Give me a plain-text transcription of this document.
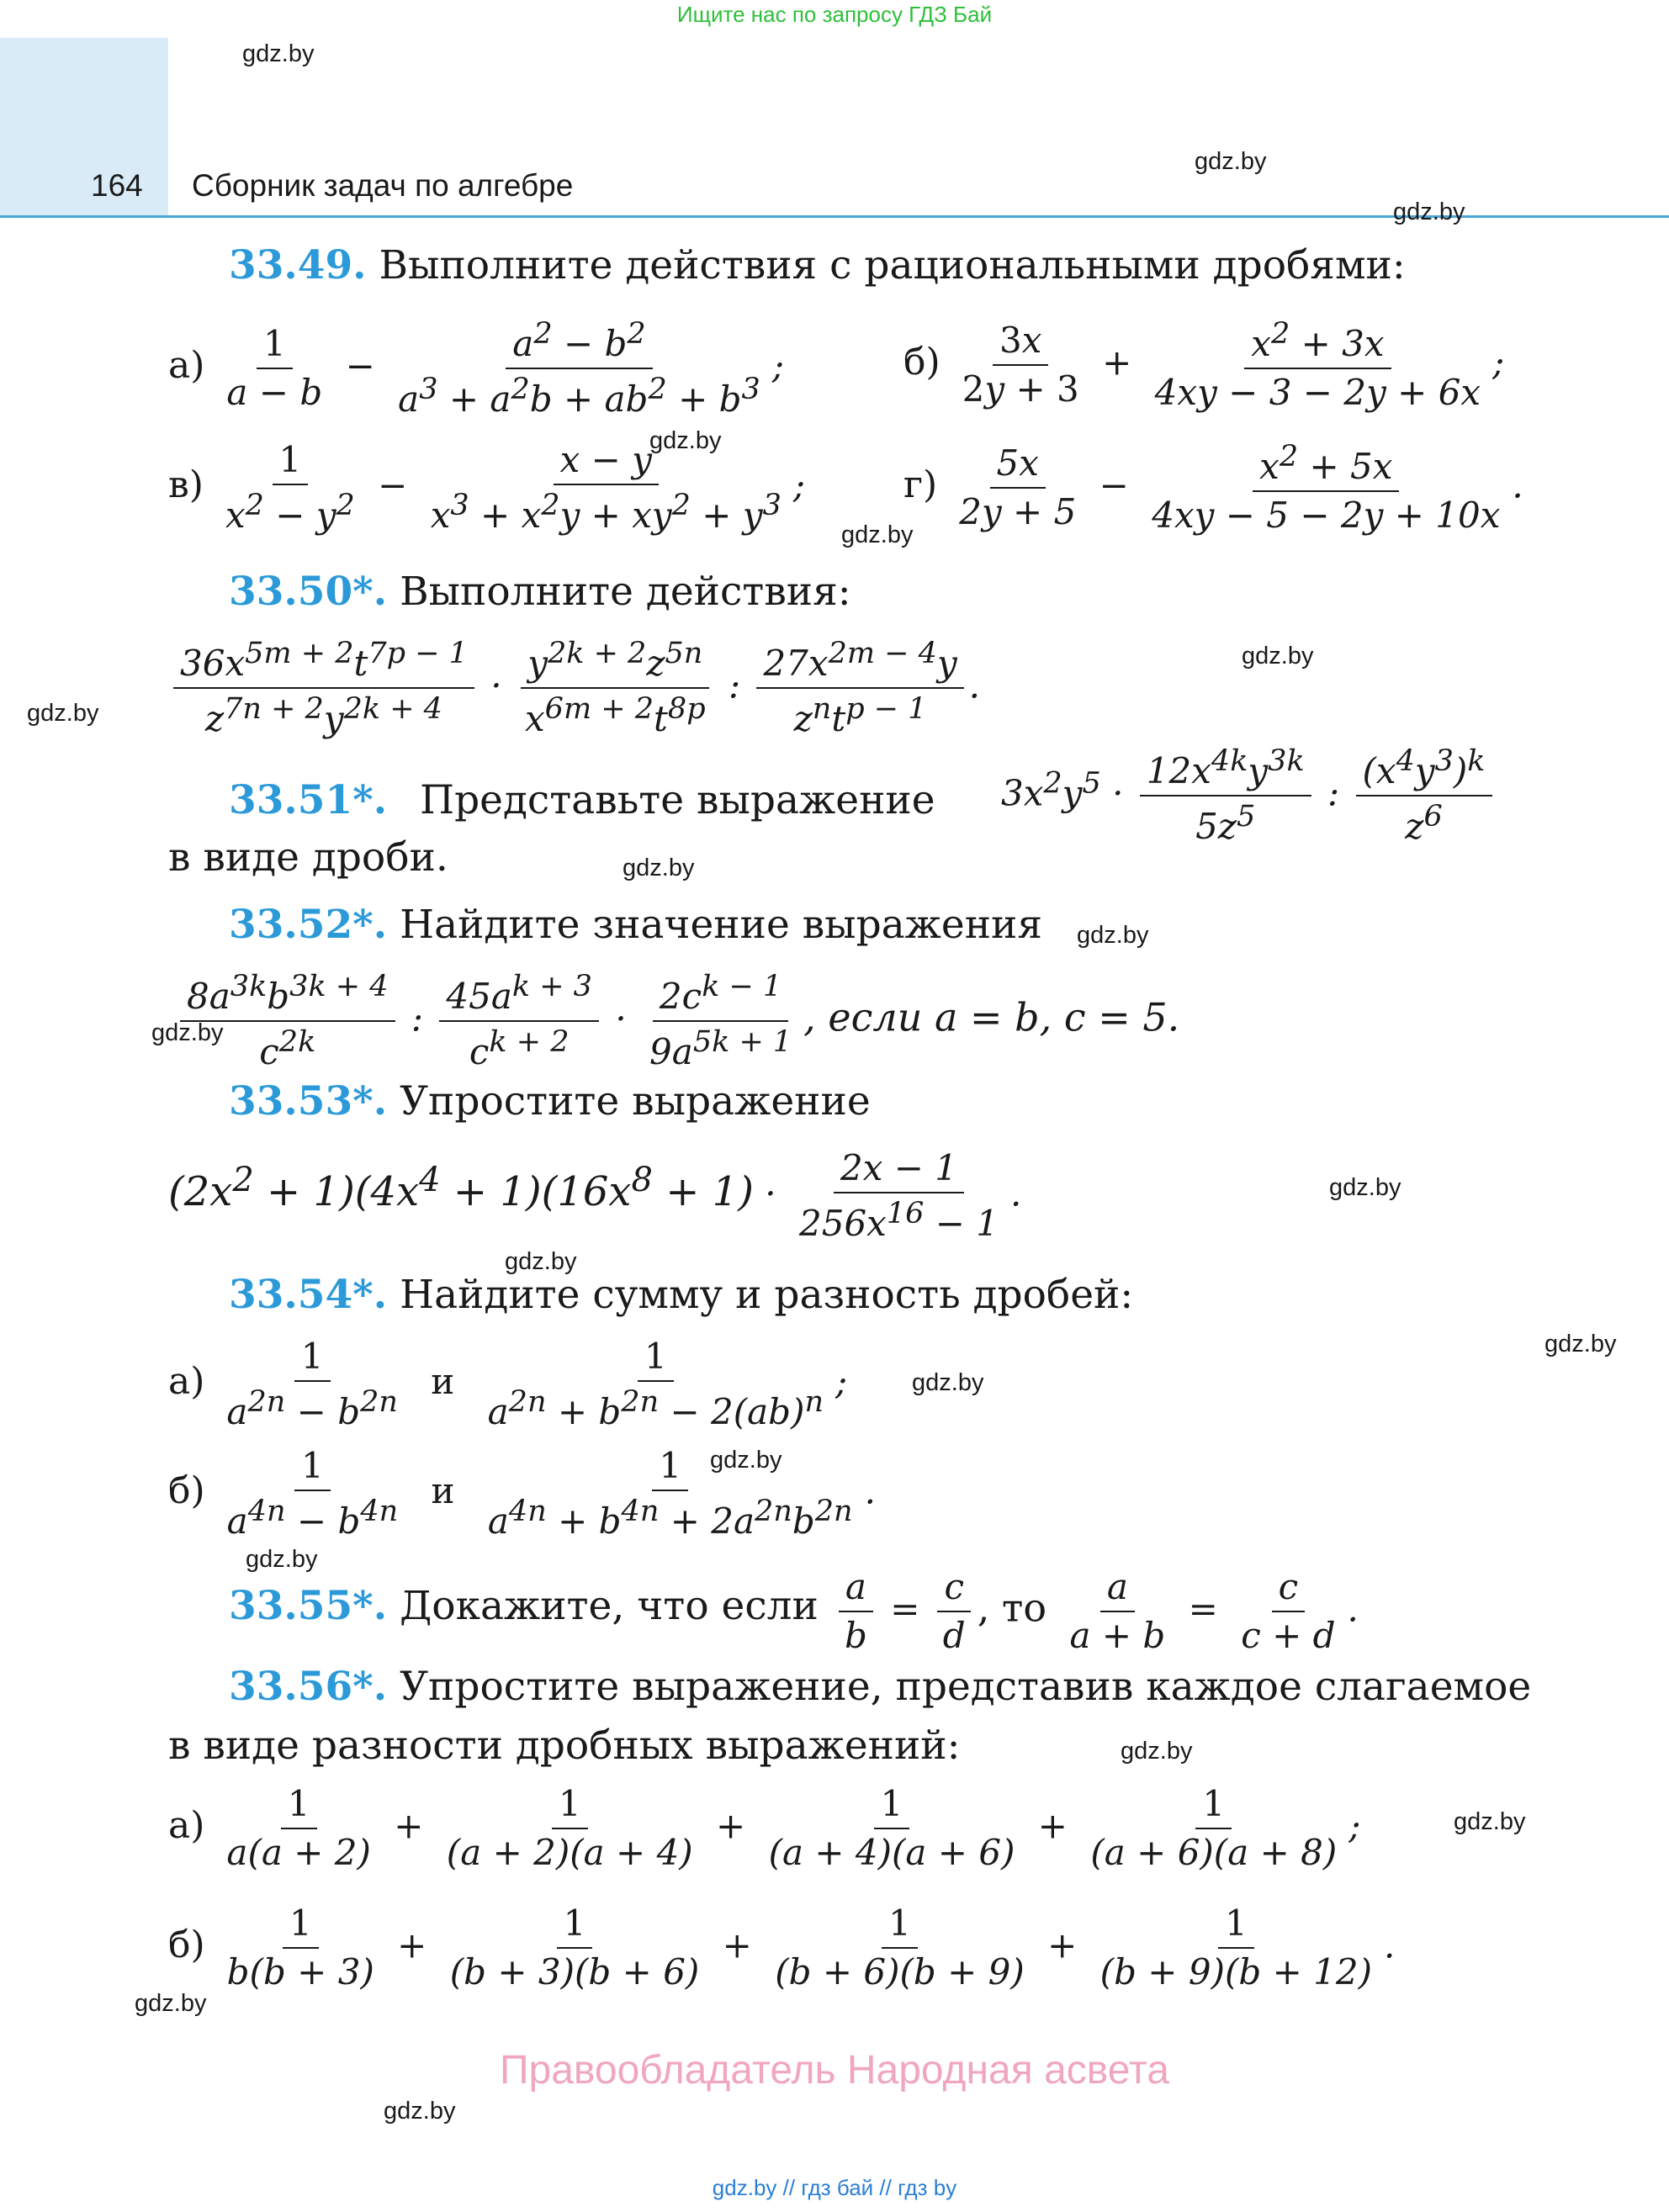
Ищите нас по запросу ГДЗ Бай
164 Сборник задач по алгебре
gdz.by
gdz.by
gdz.by
gdz.by
gdz.by
gdz.by
gdz.by
gdz.by
gdz.by
gdz.by
gdz.by
gdz.by
gdz.by
gdz.by
gdz.by
gdz.by
gdz.by
gdz.by
gdz.by
gdz.by
33.49. Выполните действия с рациональными дробями:
$а) \frac{1}{a - b} - \frac{a^2 - b^2}{a^3 + a^2b + ab^2 + b^3}$ ;	$б) \frac{3x}{2y + 3} + \frac{x^2 + 3x}{4xy - 3 - 2y + 6x}$ ;
$в) \frac{1}{x^2 - y^2} - \frac{x - y}{x^3 + x^2y + xy^2 + y^3}$ ;	$г) \frac{5x}{2y + 5} - \frac{x^2 + 5x}{4xy - 5 - 2y + 10x}$ .
33.50*. Выполните действия:
$\frac{36x^{5m + 2}t^{7p - 1}}{z^{7n + 2}y^{2k + 4}} \cdot \frac{y^{2k + 2}z^{5n}}{x^{6m + 2}t^{8p}}$ : $\frac{27x^{2m - 4}y}{z^nt^{p - 1}}$ .
33.51*. Представьте выражение $3x^2y^5 \cdot \frac{12x^{4k}y^{3k}}{5z^5}$ : $\frac{(x^4y^3)^k}{z^6}$
в виде дроби.
33.52*. Найдите значение выражения
$\frac{8a^{3k}b^{3k + 4}}{c^{2k}}$ : $\frac{45a^{k + 3}}{c^{k + 2}} \cdot \frac{2c^{k - 1}}{9a^{5k + 1}}$ , если a = b, c = 5.
33.53*. Упростите выражение
$(2x^2 + 1)(4x^4 + 1)(16x^8 + 1) \cdot \frac{2x - 1}{256x^{16} - 1}$ .
33.54*. Найдите сумму и разность дробей:
$а) \frac{1}{a^{2n} - b^{2n}}$ и $\frac{1}{a^{2n} + b^{2n} - 2(ab)^n}$ ;
$б) \frac{1}{a^{4n} - b^{4n}}$ и $\frac{1}{a^{4n} + b^{4n} + 2a^{2n}b^{2n}}$ .
33.55*. Докажите, что если $\frac{a}{b} = \frac{c}{d}$ , то $\frac{a}{a + b} = \frac{c}{c + d}$ .
33.56*. Упростите выражение, представив каждое слагаемое
в виде разности дробных выражений:
$а) \frac{1}{a(a + 2)} + \frac{1}{(a + 2)(a + 4)} + \frac{1}{(a + 4)(a + 6)} + \frac{1}{(a + 6)(a + 8)}$ ;
$б) \frac{1}{b(b + 3)} + \frac{1}{(b + 3)(b + 6)} + \frac{1}{(b + 6)(b + 9)} + \frac{1}{(b + 9)(b + 12)}$ .
Правообладатель Народная асвета
gdz.by // гдз бай // гдз by
